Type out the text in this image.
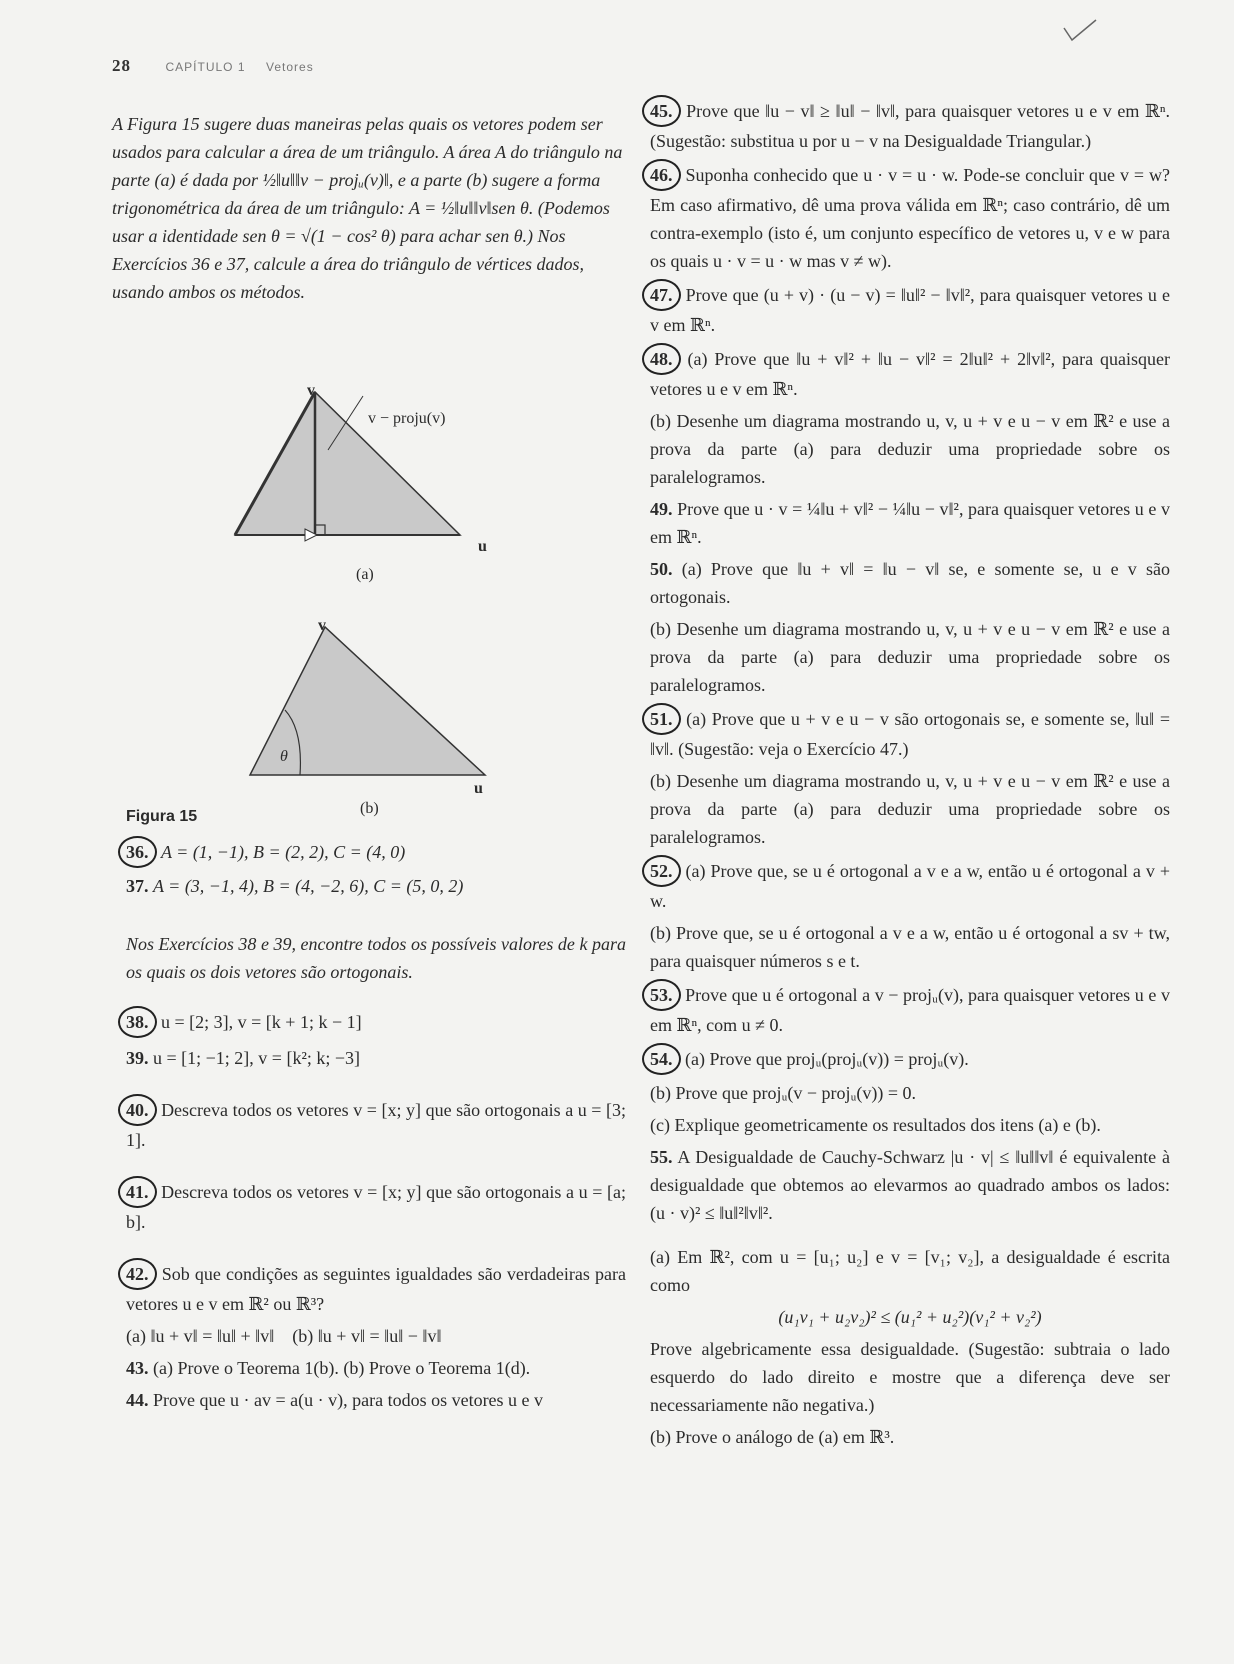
28	CAPÍTULO 1 Vetores

A Figura 15 sugere duas maneiras pelas quais os vetores podem ser usados para calcular a área de um triângulo. A área A do triângulo na parte (a) é dada por ½‖u‖‖v − projᵤ(v)‖, e a parte (b) sugere a forma trigonométrica da área de um triângulo: A = ½‖u‖‖v‖sen θ. (Podemos usar a identidade sen θ = √(1 − cos² θ) para achar sen θ.) Nos Exercícios 36 e 37, calcule a área do triângulo de vértices dados, usando ambos os métodos.

v
v − proju(v)
u
(a)
v
θ
u
(b)
Figura 15

36. A = (1, −1), B = (2, 2), C = (4, 0)

37. A = (3, −1, 4), B = (4, −2, 6), C = (5, 0, 2)

Nos Exercícios 38 e 39, encontre todos os possíveis valores de k para os quais os dois vetores são ortogonais.

38. u = [2; 3], v = [k + 1; k − 1]

39. u = [1; −1; 2], v = [k²; k; −3]

40. Descreva todos os vetores v = [x; y] que são ortogonais a u = [3; 1].

41. Descreva todos os vetores v = [x; y] que são ortogonais a u = [a; b].

42. Sob que condições as seguintes igualdades são verdadeiras para vetores u e v em ℝ² ou ℝ³?

(a) ‖u + v‖ = ‖u‖ + ‖v‖ (b) ‖u + v‖ = ‖u‖ − ‖v‖

43. (a) Prove o Teorema 1(b). (b) Prove o Teorema 1(d).

44. Prove que u · av = a(u · v), para todos os vetores u e v

45. Prove que ‖u − v‖ ≥ ‖u‖ − ‖v‖, para quaisquer vetores u e v em ℝⁿ. (Sugestão: substitua u por u − v na Desigualdade Triangular.)

46. Suponha conhecido que u · v = u · w. Pode-se concluir que v = w? Em caso afirmativo, dê uma prova válida em ℝⁿ; caso contrário, dê um contra-exemplo (isto é, um conjunto específico de vetores u, v e w para os quais u · v = u · w mas v ≠ w).

47. Prove que (u + v) · (u − v) = ‖u‖² − ‖v‖², para quaisquer vetores u e v em ℝⁿ.

48. (a) Prove que ‖u + v‖² + ‖u − v‖² = 2‖u‖² + 2‖v‖², para quaisquer vetores u e v em ℝⁿ.

(b) Desenhe um diagrama mostrando u, v, u + v e u − v em ℝ² e use a prova da parte (a) para deduzir uma propriedade sobre os paralelogramos.

49. Prove que u · v = ¼‖u + v‖² − ¼‖u − v‖², para quaisquer vetores u e v em ℝⁿ.

50. (a) Prove que ‖u + v‖ = ‖u − v‖ se, e somente se, u e v são ortogonais.

(b) Desenhe um diagrama mostrando u, v, u + v e u − v em ℝ² e use a prova da parte (a) para deduzir uma propriedade sobre os paralelogramos.

51. (a) Prove que u + v e u − v são ortogonais se, e somente se, ‖u‖ = ‖v‖. (Sugestão: veja o Exercício 47.)

(b) Desenhe um diagrama mostrando u, v, u + v e u − v em ℝ² e use a prova da parte (a) para deduzir uma propriedade sobre os paralelogramos.

52. (a) Prove que, se u é ortogonal a v e a w, então u é ortogonal a v + w.

(b) Prove que, se u é ortogonal a v e a w, então u é ortogonal a sv + tw, para quaisquer números s e t.

53. Prove que u é ortogonal a v − projᵤ(v), para quaisquer vetores u e v em ℝⁿ, com u ≠ 0.

54. (a) Prove que projᵤ(projᵤ(v)) = projᵤ(v).

(b) Prove que projᵤ(v − projᵤ(v)) = 0.

(c) Explique geometricamente os resultados dos itens (a) e (b).

55. A Desigualdade de Cauchy-Schwarz |u · v| ≤ ‖u‖‖v‖ é equivalente à desigualdade que obtemos ao elevarmos ao quadrado ambos os lados: (u · v)² ≤ ‖u‖²‖v‖².

(a) Em ℝ², com u = [u₁; u₂] e v = [v₁; v₂], a desigualdade é escrita como

(u₁v₁ + u₂v₂)² ≤ (u₁² + u₂²)(v₁² + v₂²)

Prove algebricamente essa desigualdade. (Sugestão: subtraia o lado esquerdo do lado direito e mostre que a diferença deve ser necessariamente não negativa.)

(b) Prove o análogo de (a) em ℝ³.
